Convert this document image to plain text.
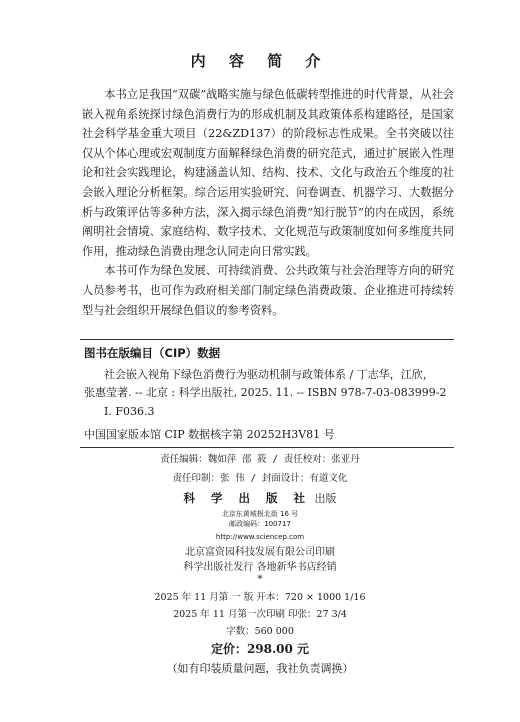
内 容 简 介

本书立足我国“双碳”战略实施与绿色低碳转型推进的时代背景，从社会嵌入视角系统探讨绿色消费行为的形成机制及其政策体系构建路径，是国家社会科学基金重大项目（22&ZD137）的阶段标志性成果。全书突破以往仅从个体心理或宏观制度方面解释绿色消费的研究范式，通过扩展嵌入性理论和社会实践理论，构建涵盖认知、结构、技术、文化与政治五个维度的社会嵌入理论分析框架。综合运用实验研究、问卷调查、机器学习、大数据分析与政策评估等多种方法，深入揭示绿色消费“知行脱节”的内在成因，系统阐明社会情境、家庭结构、数字技术、文化规范与政策制度如何多维度共同作用，推动绿色消费由理念认同走向日常实践。

本书可作为绿色发展、可持续消费、公共政策与社会治理等方向的研究人员参考书，也可作为政府相关部门制定绿色消费政策、企业推进可持续转型与社会组织开展绿色倡议的参考资料。

图书在版编目（CIP）数据
社会嵌入视角下绿色消费行为驱动机制与政策体系 / 丁志华，江欣，
张惠莹著. -- 北京 : 科学出版社, 2025. 11. -- ISBN 978-7-03-083999-2
Ⅰ. F036.3
中国国家版本馆 CIP 数据核字第 20252H3V81 号
责任编辑：魏如萍 邵 筱 / 责任校对：张亚丹
责任印制：张 伟 / 封面设计：有道文化
科 学 出 版 社 出版
北京东黄城根北街 16 号
邮政编码：100717
http://www.sciencep.com
北京富资园科技发展有限公司印刷
科学出版社发行 各地新华书店经销
*
2025 年 11 月第 一 版 开本：720 × 1000 1/16
2025 年 11 月第一次印刷 印张：27 3/4
字数：560 000
定价：298.00 元
（如有印装质量问题，我社负责调换）
